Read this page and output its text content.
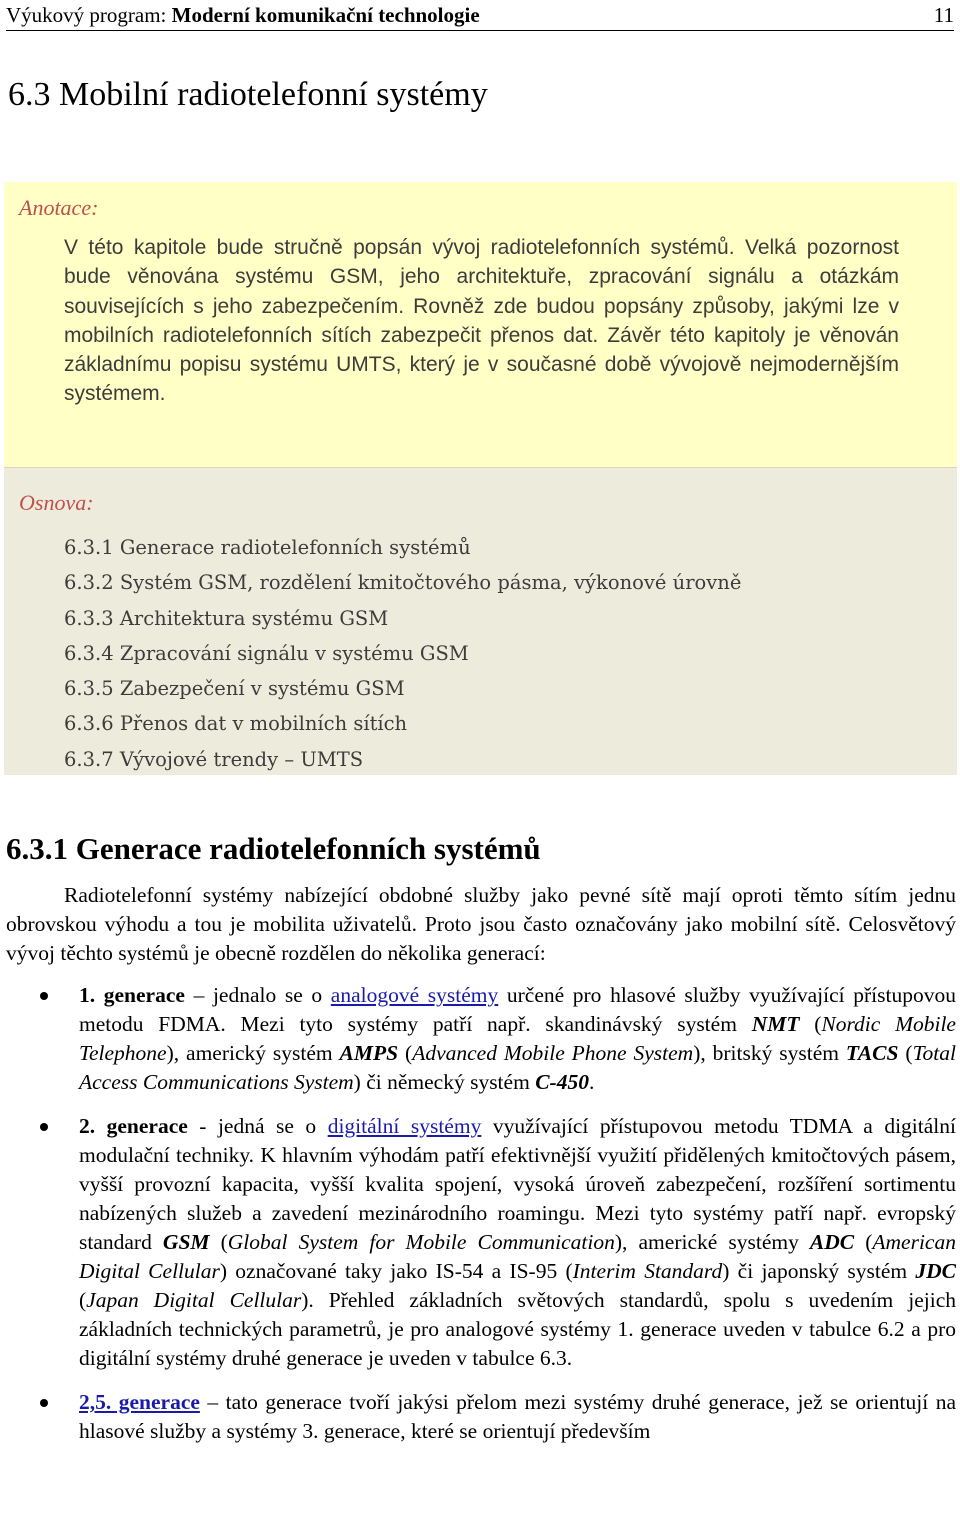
Výukový program: Moderní komunikační technologie	11
6.3 Mobilní radiotelefonní systémy

Anotace:

V této kapitole bude stručně popsán vývoj radiotelefonních systémů. Velká pozornost bude věnována systému GSM, jeho architektuře, zpracování signálu a otázkám souvisejících s jeho zabezpečením. Rovněž zde budou popsány způsoby, jakými lze v mobilních radiotelefonních sítích zabezpečit přenos dat. Závěr této kapitoly je věnován základnímu popisu systému UMTS, který je v současné době vývojově nejmodernějším systémem.

Osnova:

6.3.1 Generace radiotelefonních systémů
6.3.2 Systém GSM, rozdělení kmitočtového pásma, výkonové úrovně
6.3.3 Architektura systému GSM
6.3.4 Zpracování signálu v systému GSM
6.3.5 Zabezpečení v systému GSM
6.3.6 Přenos dat v mobilních sítích
6.3.7 Vývojové trendy – UMTS
6.3.1 Generace radiotelefonních systémů

Radiotelefonní systémy nabízející obdobné služby jako pevné sítě mají oproti těmto sítím jednu obrovskou výhodu a tou je mobilita uživatelů. Proto jsou často označovány jako mobilní sítě. Celosvětový vývoj těchto systémů je obecně rozdělen do několika generací:

1. generace – jednalo se o analogové systémy určené pro hlasové služby využívající přístupovou metodu FDMA. Mezi tyto systémy patří např. skandinávský systém NMT (Nordic Mobile Telephone), americký systém AMPS (Advanced Mobile Phone System), britský systém TACS (Total Access Communications System) či německý systém C-450.
2. generace - jedná se o digitální systémy využívající přístupovou metodu TDMA a digitální modulační techniky. K hlavním výhodám patří efektivnější využití přidělených kmitočtových pásem, vyšší provozní kapacita, vyšší kvalita spojení, vysoká úroveň zabezpečení, rozšíření sortimentu nabízených služeb a zavedení mezinárodního roamingu. Mezi tyto systémy patří např. evropský standard GSM (Global System for Mobile Communication), americké systémy ADC (American Digital Cellular) označované taky jako IS-54 a IS-95 (Interim Standard) či japonský systém JDC (Japan Digital Cellular). Přehled základních světových standardů, spolu s uvedením jejich základních technických parametrů, je pro analogové systémy 1. generace uveden v tabulce 6.2 a pro digitální systémy druhé generace je uveden v tabulce 6.3.
2,5. generace – tato generace tvoří jakýsi přelom mezi systémy druhé generace, jež se orientují na hlasové služby a systémy 3. generace, které se orientují především
